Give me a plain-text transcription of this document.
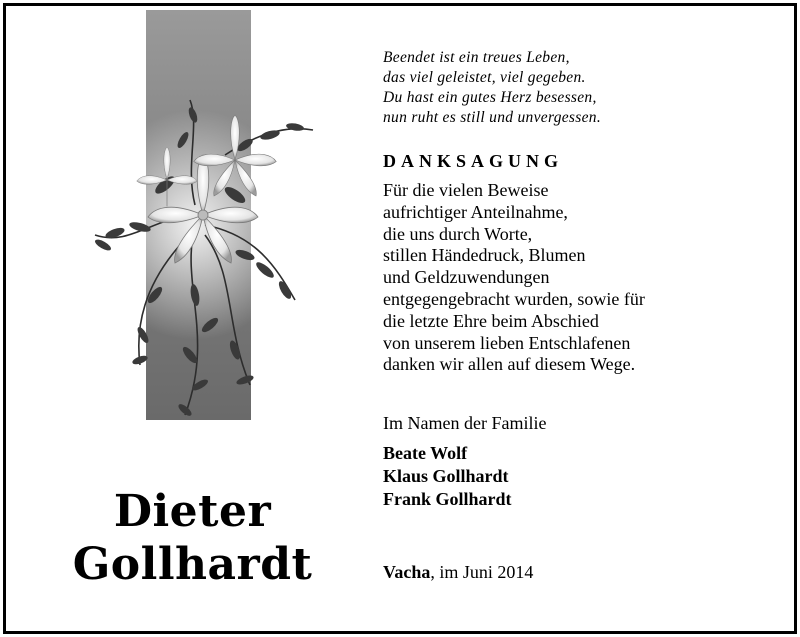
Dieter
Gollhardt
Beendet ist ein treues Leben,
das viel geleistet, viel gegeben.
Du hast ein gutes Herz besessen,
nun ruht es still und unvergessen.
DANKSAGUNG
Für die vielen Beweise
aufrichtiger Anteilnahme,
die uns durch Worte,
stillen Händedruck, Blumen
und Geldzuwendungen
entgegengebracht wurden, sowie für
die letzte Ehre beim Abschied
von unserem lieben Entschlafenen
danken wir allen auf diesem Wege.
Im Namen der Familie
Beate Wolf
Klaus Gollhardt
Frank Gollhardt
Vacha, im Juni 2014
